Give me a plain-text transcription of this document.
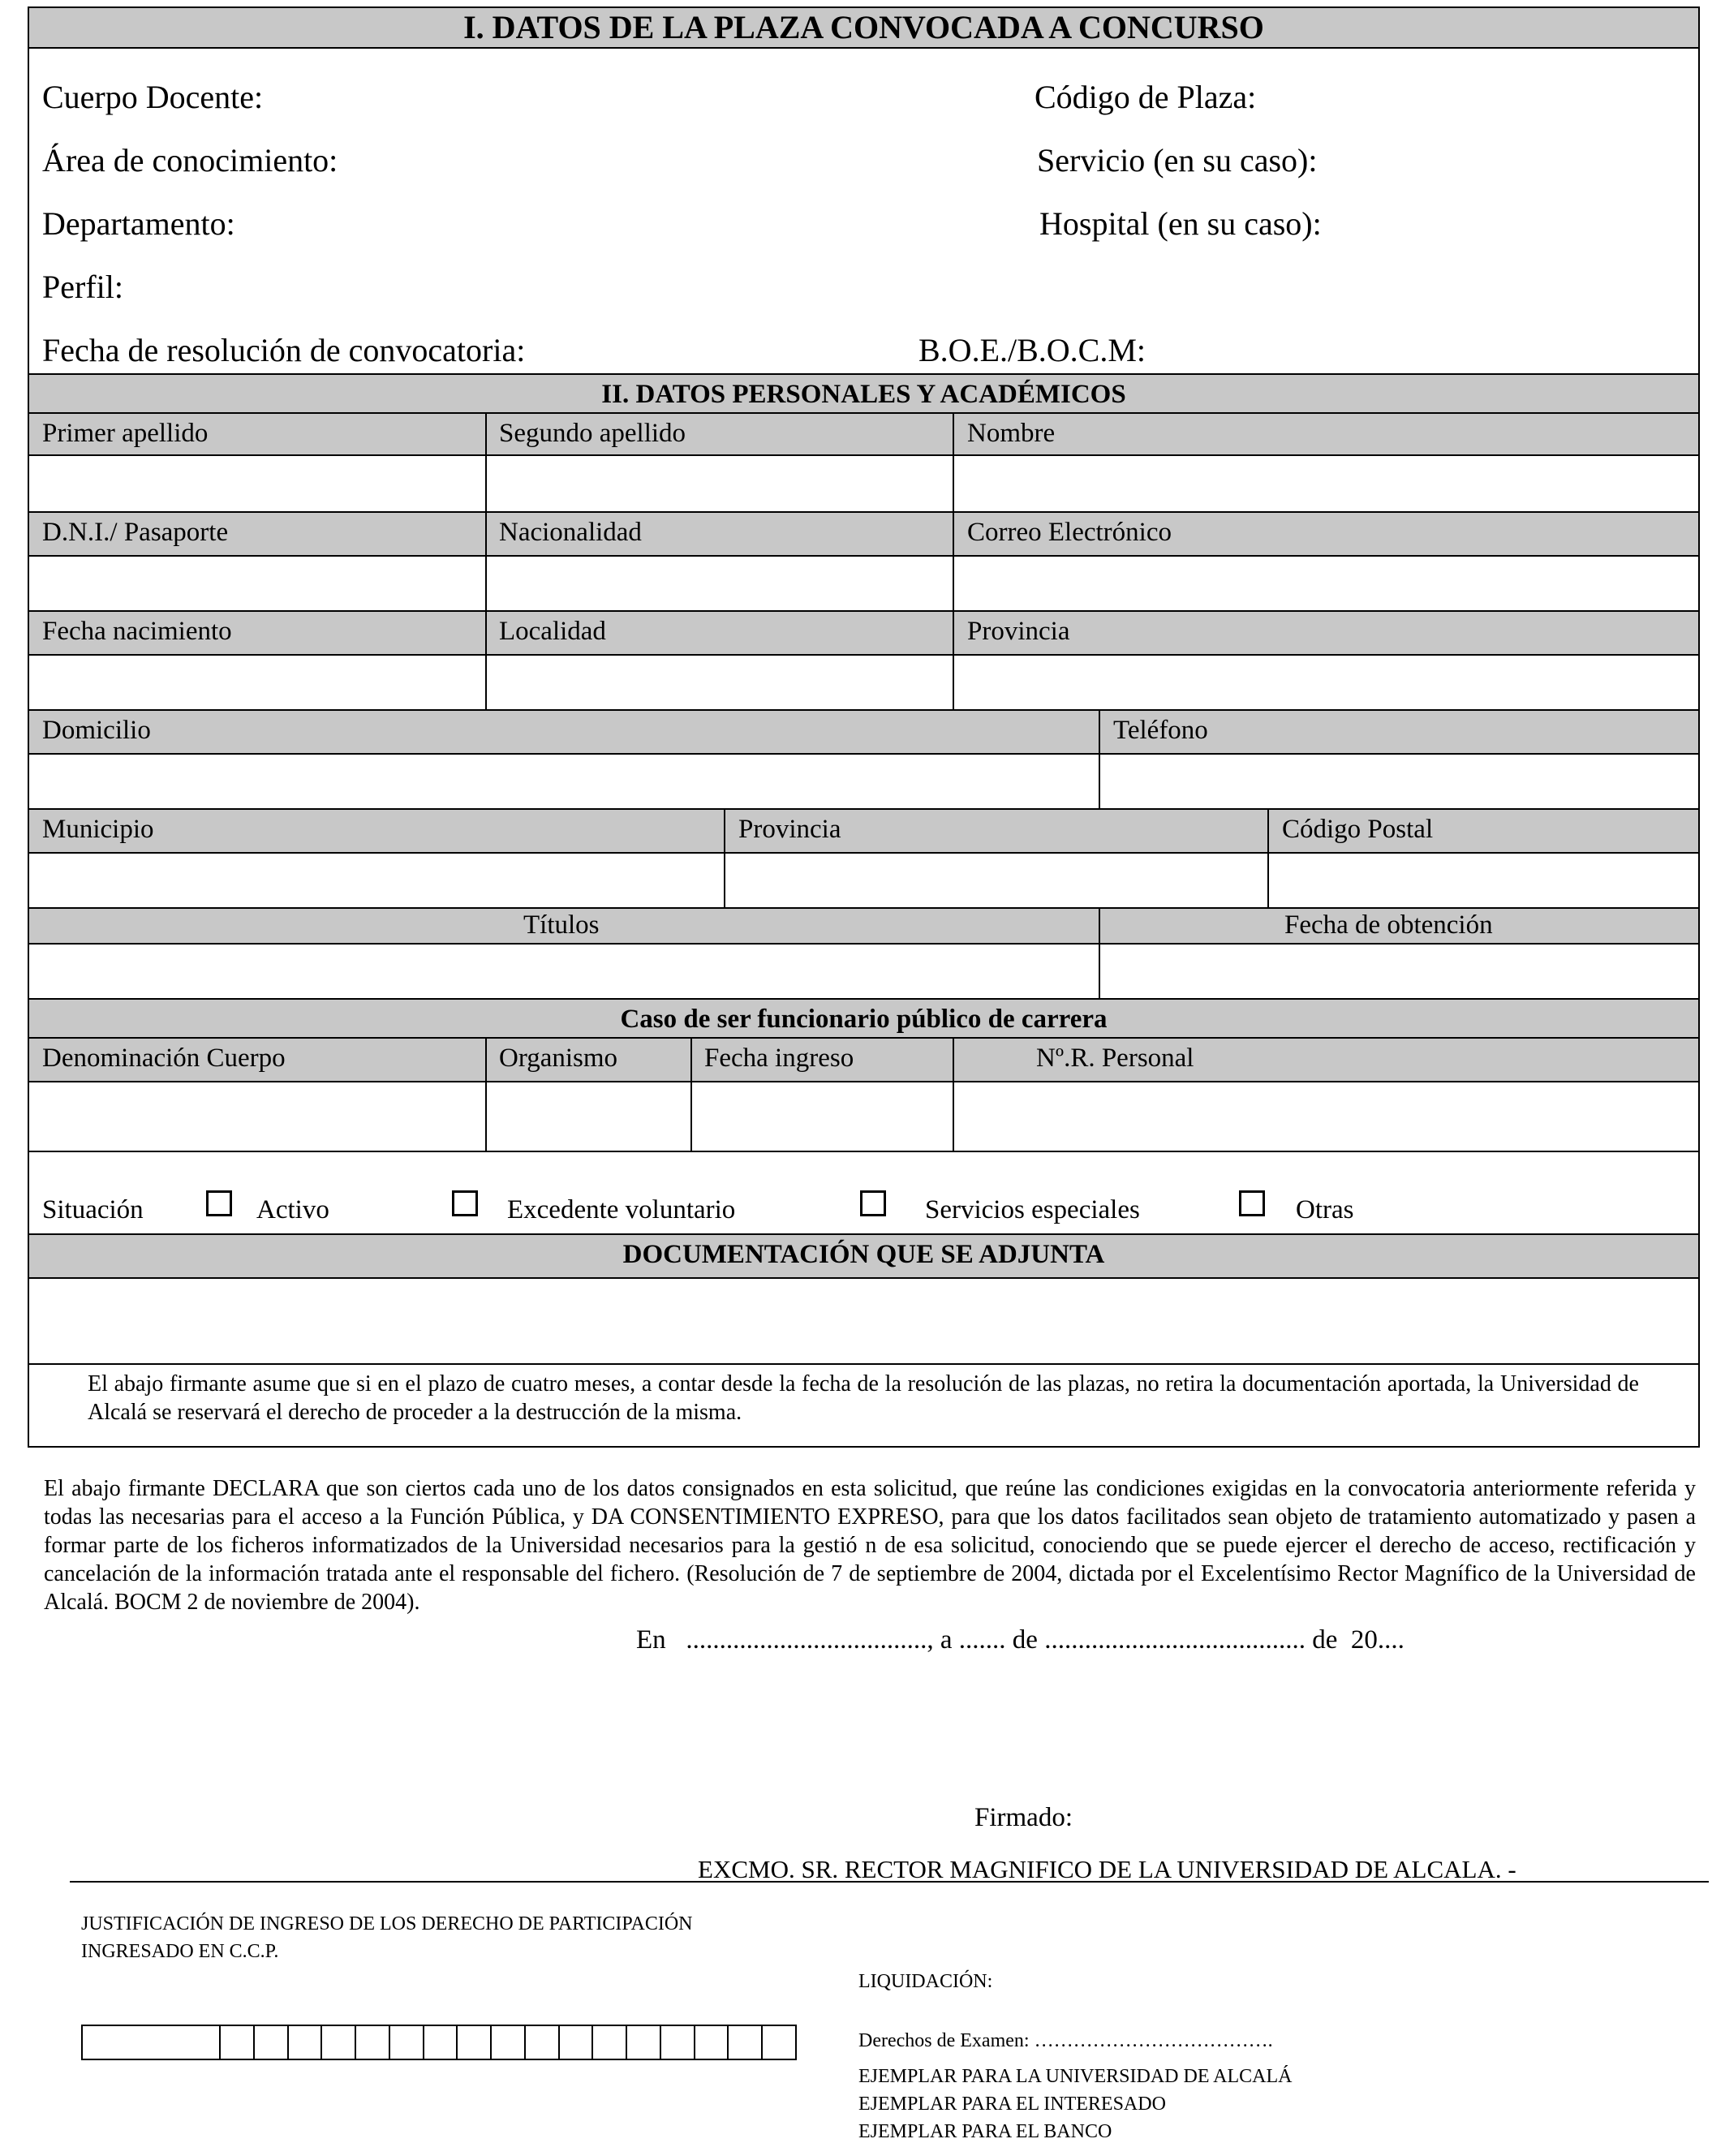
I. DATOS DE LA PLAZA CONVOCADA A CONCURSO
Cuerpo Docente:	Código de Plaza:
Área de conocimiento:	Servicio (en su caso):
Departamento:	Hospital (en su caso):
Perfil:
Fecha de resolución de convocatoria:	B.O.E./B.O.C.M:
II. DATOS PERSONALES Y ACADÉMICOS
Primer apellido	Segundo apellido	Nombre
D.N.I./ Pasaporte	Nacionalidad	Correo Electrónico
Fecha nacimiento	Localidad	Provincia
Domicilio	Teléfono
Municipio	Provincia	Código Postal
Títulos	Fecha de obtención
Caso de ser funcionario público de carrera
Denominación Cuerpo	Organismo	Fecha ingreso	Nº.R. Personal
Situación	Activo	Excedente voluntario	Servicios especiales	Otras
DOCUMENTACIÓN QUE SE ADJUNTA
El abajo firmante asume que si en el plazo de cuatro meses, a contar desde la fecha de la resolución de las plazas, no retira la documentación aportada, la Universidad de Alcalá se reservará el derecho de proceder a la destrucción de la misma.
El abajo firmante DECLARA que son ciertos cada uno de los datos consignados en esta solicitud, que reúne las condiciones exigidas en la convocatoria anteriormente referida y todas las necesarias para el acceso a la Función Pública, y DA CONSENTIMIENTO EXPRESO, para que los datos facilitados sean objeto de tratamiento automatizado y pasen a formar parte de los ficheros informatizados de la Universidad necesarios para la gestió n de esa solicitud, conociendo que se puede ejercer el derecho de acceso, rectificación y cancelación de la información tratada ante el responsable del fichero. (Resolución de 7 de septiembre de 2004, dictada por el Excelentísimo Rector Magnífico de la Universidad de Alcalá. BOCM 2 de noviembre de 2004).
En   ...................................., a ....... de ....................................... de  20....
Firmado:
EXCMO. SR. RECTOR MAGNIFICO DE LA UNIVERSIDAD DE ALCALA. -
JUSTIFICACIÓN DE INGRESO DE LOS DERECHO DE PARTICIPACIÓN
INGRESADO EN C.C.P.
LIQUIDACIÓN:
Derechos de Examen: ……………………………….
EJEMPLAR PARA LA UNIVERSIDAD DE ALCALÁ
EJEMPLAR PARA EL INTERESADO
EJEMPLAR PARA EL BANCO
